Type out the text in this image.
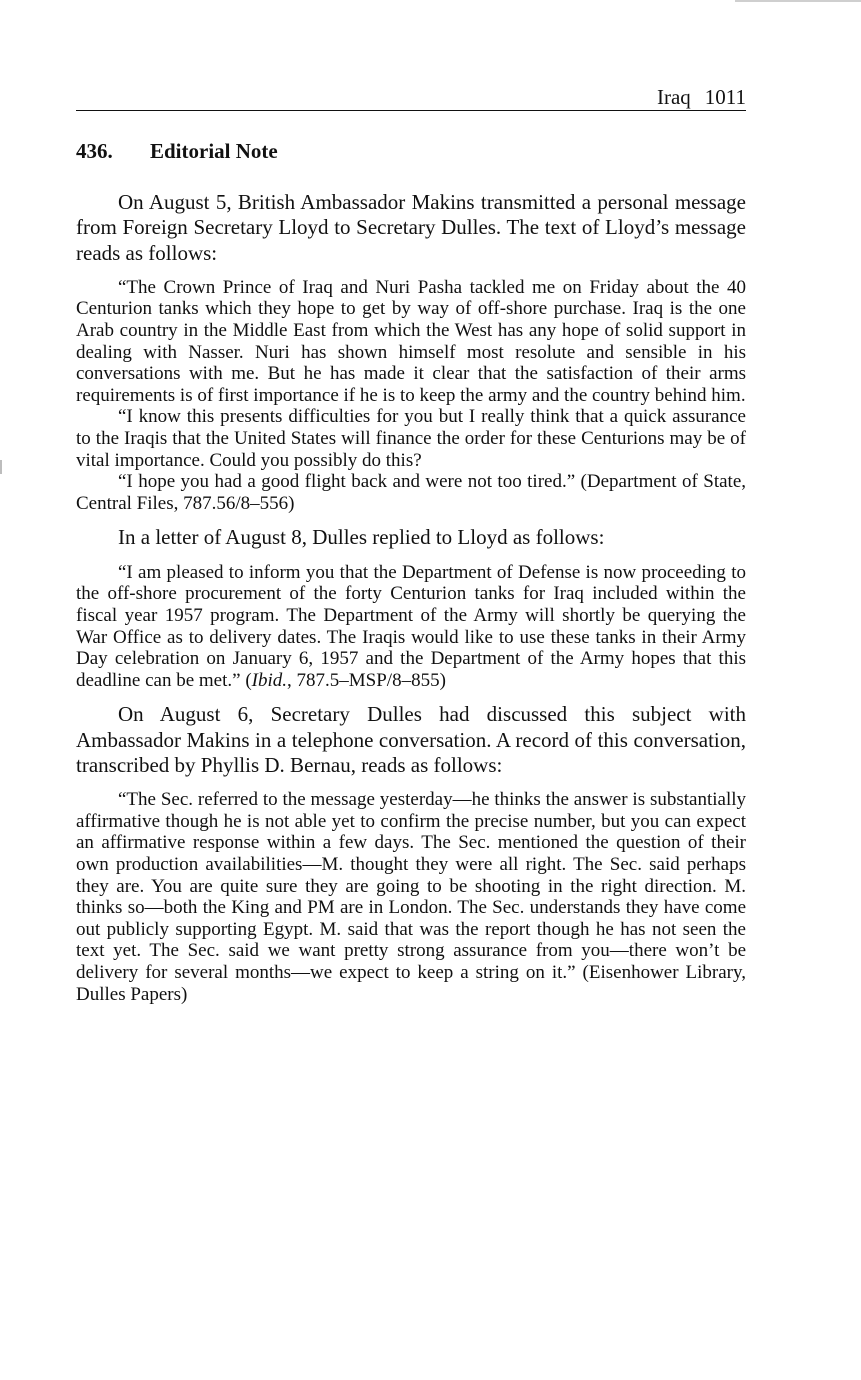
Iraq 1011
436. Editorial Note

On August 5, British Ambassador Makins transmitted a personal message from Foreign Secretary Lloyd to Secretary Dulles. The text of Lloyd’s message reads as follows:

“The Crown Prince of Iraq and Nuri Pasha tackled me on Friday about the 40 Centurion tanks which they hope to get by way of off-shore purchase. Iraq is the one Arab country in the Middle East from which the West has any hope of solid support in dealing with Nasser. Nuri has shown himself most resolute and sensible in his conversations with me. But he has made it clear that the satisfaction of their arms requirements is of first importance if he is to keep the army and the country behind him.

“I know this presents difficulties for you but I really think that a quick assurance to the Iraqis that the United States will finance the order for these Centurions may be of vital importance. Could you possibly do this?

“I hope you had a good flight back and were not too tired.” (Department of State, Central Files, 787.56/8–556)

In a letter of August 8, Dulles replied to Lloyd as follows:

“I am pleased to inform you that the Department of Defense is now proceeding to the off-shore procurement of the forty Centurion tanks for Iraq included within the fiscal year 1957 program. The Department of the Army will shortly be querying the War Office as to delivery dates. The Iraqis would like to use these tanks in their Army Day celebration on January 6, 1957 and the Department of the Army hopes that this deadline can be met.” (Ibid., 787.5–MSP/8–855)

On August 6, Secretary Dulles had discussed this subject with Ambassador Makins in a telephone conversation. A record of this conversation, transcribed by Phyllis D. Bernau, reads as follows:

“The Sec. referred to the message yesterday—he thinks the answer is substantially affirmative though he is not able yet to confirm the precise number, but you can expect an affirmative response within a few days. The Sec. mentioned the question of their own production availabilities—M. thought they were all right. The Sec. said perhaps they are. You are quite sure they are going to be shooting in the right direction. M. thinks so—both the King and PM are in London. The Sec. understands they have come out publicly supporting Egypt. M. said that was the report though he has not seen the text yet. The Sec. said we want pretty strong assurance from you—there won’t be delivery for several months—we expect to keep a string on it.” (Eisenhower Library, Dulles Papers)
